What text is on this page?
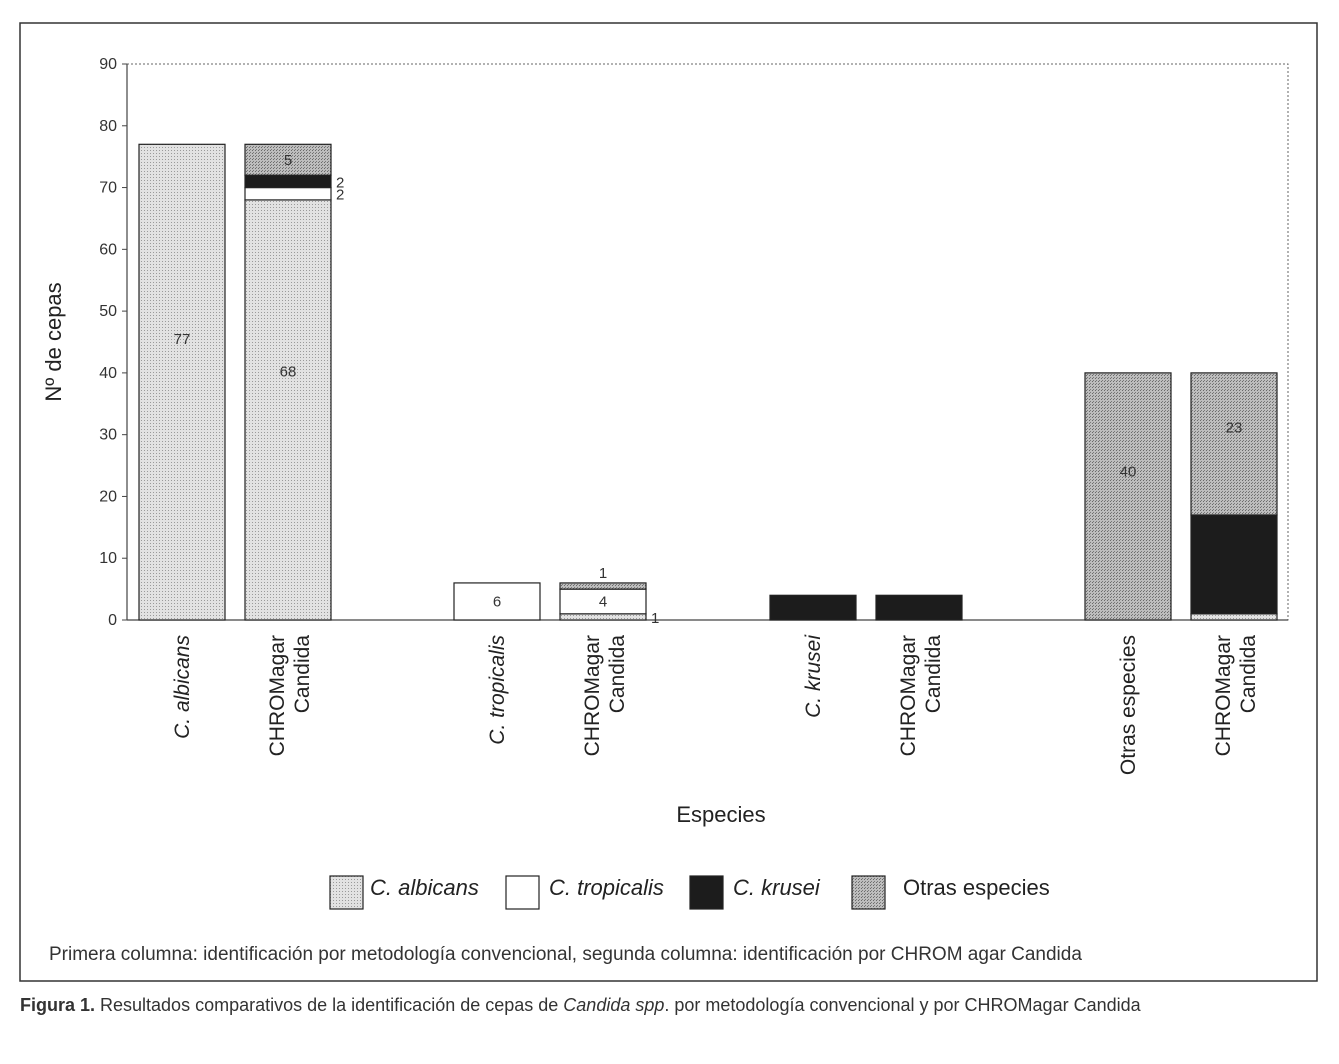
0
10
20
30
40
50
60
70
80
90
Nº de cepas	77
68
2
2
5
6
1
4
1
40
23
C. albicans	CHROMagar Candida	C. tropicalis	CHROMagar Candida	C. krusei	CHROMagar Candida	Otras especies	CHROMagar Candida
Especies
C. albicans	C. tropicalis	C. krusei	Otras especies
Primera columna: identificación por metodología convencional, segunda columna: identificación por CHROM agar Candida
Figura 1. Resultados comparativos de la identificación de cepas de Candida spp. por metodología convencional y por CHROMagar Candida
